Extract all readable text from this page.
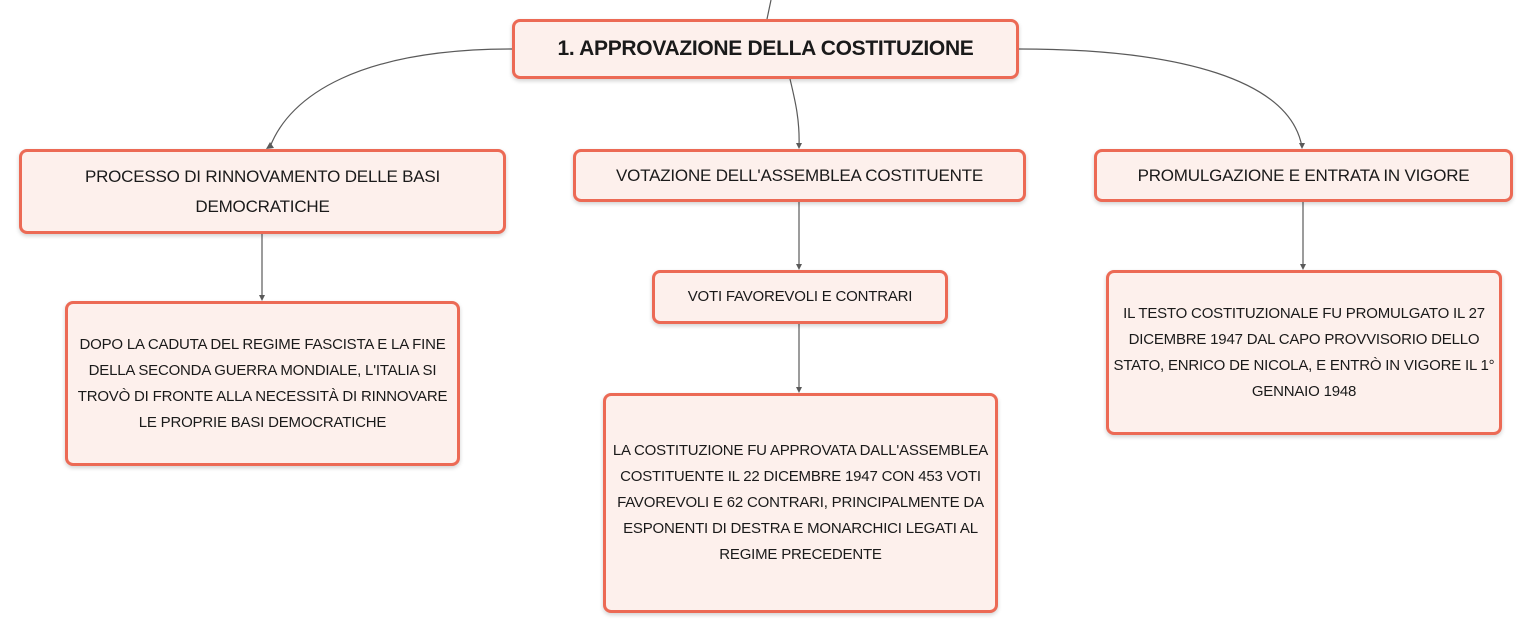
1. APPROVAZIONE DELLA COSTITUZIONE
PROCESSO DI RINNOVAMENTO DELLE BASI DEMOCRATICHE
VOTAZIONE DELL'ASSEMBLEA COSTITUENTE	PROMULGAZIONE E ENTRATA IN VIGORE
DOPO LA CADUTA DEL REGIME FASCISTA E LA FINE DELLA SECONDA GUERRA MONDIALE, L'ITALIA SI TROVÒ DI FRONTE ALLA NECESSITÀ DI RINNOVARE LE PROPRIE BASI DEMOCRATICHE
VOTI FAVOREVOLI E CONTRARI
LA COSTITUZIONE FU APPROVATA DALL'ASSEMBLEA COSTITUENTE IL 22 DICEMBRE 1947 CON 453 VOTI FAVOREVOLI E 62 CONTRARI, PRINCIPALMENTE DA ESPONENTI DI DESTRA E MONARCHICI LEGATI AL REGIME PRECEDENTE
IL TESTO COSTITUZIONALE FU PROMULGATO IL 27 DICEMBRE 1947 DAL CAPO PROVVISORIO DELLO STATO, ENRICO DE NICOLA, E ENTRÒ IN VIGORE IL 1° GENNAIO 1948
